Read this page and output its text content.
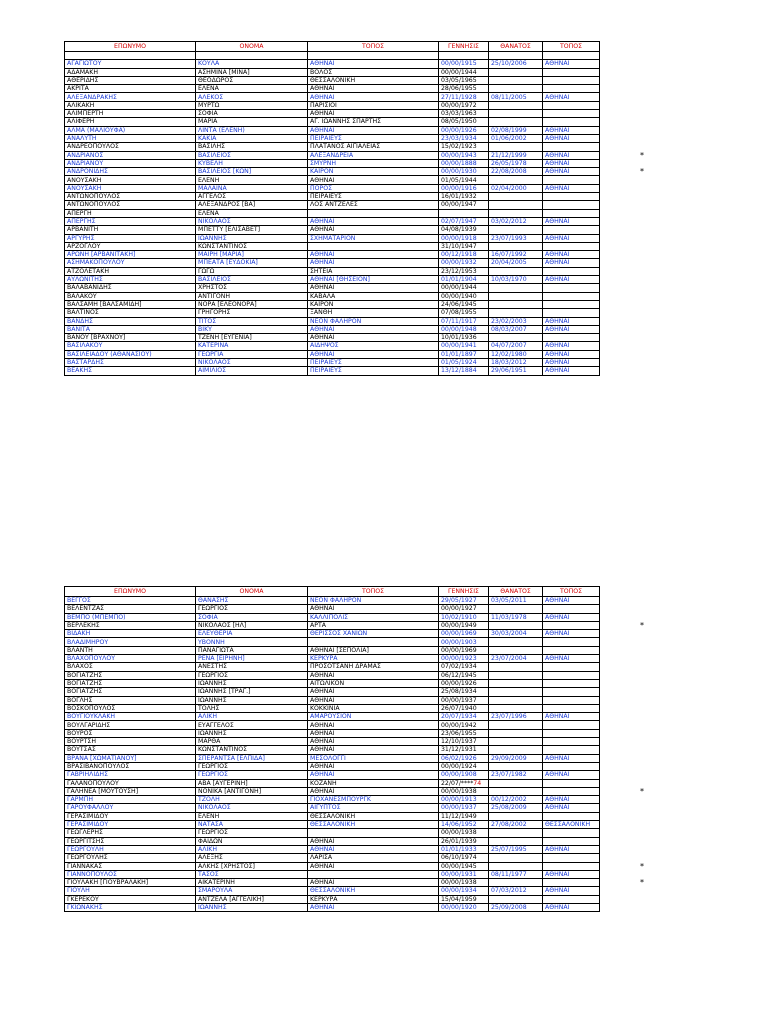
ΕΠΩΝΥΜΟ	ΟΝΟΜΑ	ΤΟΠΟΣ	ΓΕΝΝΗΣΙΣ	ΘΑΝΑΤΟΣ	ΤΟΠΟΣ

ΑΓΑΓΙΩΤΟΥ	ΚΟΥΛΑ	ΑΘΗΝΑΙ	00/00/1915	25/10/2006	ΑΘΗΝΑΙ
ΑΔΑΜΑΚΗ	ΑΣΗΜΙΝΑ [ΜΙΝΑ]	ΒΟΛΟΣ	00/00/1944		
ΑΘΕΡΙΔΗΣ	ΘΕΟΔΩΡΟΣ	ΘΕΣΣΑΛΟΝΙΚΗ	03/05/1965		
ΑΚΡΙΤΑ	ΕΛΕΝΑ	ΑΘΗΝΑΙ	28/06/1955		
ΑΛΕΞΑΝΔΡΑΚΗΣ	ΑΛΕΚΟΣ	ΑΘΗΝΑΙ	27/11/1928	08/11/2005	ΑΘΗΝΑΙ
ΑΛΙΚΑΚΗ	ΜΥΡΤΩ	ΠΑΡΙΣΙΟΙ	00/00/1972		
ΑΛΙΜΠΕΡΤΗ	ΣΟΦΙΑ	ΑΘΗΝΑΙ	03/03/1963		
ΑΛΙΦΕΡΗ	ΜΑΡΙΑ	ΑΓ. ΙΩΑΝΝΗΣ ΣΠΑΡΤΗΣ	08/05/1950		
ΑΛΜΑ (ΜΑΛΙΟΥΦΑ)	ΛΙΝΤΑ (ΕΛΕΝΗ)	ΑΘΗΝΑΙ	00/00/1926	02/08/1999	ΑΘΗΝΑΙ
ΑΝΑΛΥΤΗ	ΚΑΚΙΑ	ΠΕΙΡΑΙΕΥΣ	23/03/1934	01/06/2002	ΑΘΗΝΑΙ
ΑΝΔΡΕΟΠΟΥΛΟΣ	ΒΑΣΙΛΗΣ	ΠΛΑΤΑΝΟΣ ΑΙΓΙΑΛΕΙΑΣ	15/02/1923		
ΑΝΔΡΙΑΝΟΣ	ΒΑΣΙΛΕΙΟΣ	ΑΛΕΞΑΝΔΡΕΙΑ	00/00/1943	21/12/1999	ΑΘΗΝΑΙ
ΑΝΔΡΙΑΝΟΥ	ΚΥΒΕΛΗ	ΣΜΥΡΝΗ	00/00/1888	26/05/1978	ΑΘΗΝΑΙ
ΑΝΔΡΟΝΙΔΗΣ	ΒΑΣΙΛΕΙΟΣ [ΚΩΝ]	ΚΑΪΡΟΝ	00/00/1930	22/08/2008	ΑΘΗΝΑΙ
ΑΝΟΥΣΑΚΗ	ΕΛΕΝΗ	ΑΘΗΝΑΙ	01/05/1944		
ΑΝΟΥΣΑΚΗ	ΜΑΛΑΙΝΑ	ΠΟΡΟΣ	00/00/1916	02/04/2000	ΑΘΗΝΑΙ
ΑΝΤΩΝΟΠΟΥΛΟΣ	ΑΓΓΕΛΟΣ	ΠΕΙΡΑΙΕΥΣ	16/01/1932		
ΑΝΤΩΝΟΠΟΥΛΟΣ	ΑΛΕΞΑΝΔΡΟΣ [ΒΑ]	ΛΟΣ ΑΝΤΖΕΛΕΣ	00/00/1947		
ΑΠΕΡΓΗ	ΕΛΕΝΑ				
ΑΠΕΡΓΗΣ	ΝΙΚΟΛΑΟΣ	ΑΘΗΝΑΙ	02/07/1947	03/02/2012	ΑΘΗΝΑΙ
ΑΡΒΑΝΙΤΗ	ΜΠΕΤΤΥ [ΕΛΙΣΑΒΕΤ]	ΑΘΗΝΑΙ	04/08/1939		
ΑΡΓΥΡΗΣ	ΙΩΑΝΝΗΣ	ΣΧΗΜΑΤΑΡΙΟΝ	00/00/1918	23/07/1993	ΑΘΗΝΑΙ
ΑΡΖΟΓΛΟΥ	ΚΩΝΣΤΑΝΤΙΝΟΣ		31/10/1947		
ΑΡΩΝΗ [ΑΡΒΑΝΙΤΑΚΗ]	ΜΑΙΡΗ [ΜΑΡΙΑ]	ΑΘΗΝΑΙ	00/12/1918	16/07/1992	ΑΘΗΝΑΙ
ΑΣΗΜΑΚΟΠΟΥΛΟΥ	ΜΠΕΑΤΑ [ΕΥΔΟΚΙΑ]	ΑΘΗΝΑΙ	00/00/1932	20/04/2005	ΑΘΗΝΑΙ
ΑΤΖΟΛΕΤΑΚΗ	ΓΩΓΩ	ΣΗΤΕΙΑ	23/12/1953		
ΑΥΛΩΝΙΤΗΣ	ΒΑΣΙΛΕΙΟΣ	ΑΘΗΝΑΙ [ΘΗΣΕΙΟΝ]	01/01/1904	10/03/1970	ΑΘΗΝΑΙ
ΒΑΛΑΒΑΝΙΔΗΣ	ΧΡΗΣΤΟΣ	ΑΘΗΝΑΙ	00/00/1944		
ΒΑΛΑΚΟΥ	ΑΝΤΙΓΟΝΗ	ΚΑΒΑΛΑ	00/00/1940		
ΒΑΛΣΑΜΗ [ΒΑΛΣΑΜΙΔΗ]	ΝΟΡΑ [ΕΛΕΟΝΟΡΑ]	ΚΑΪΡΟΝ	24/06/1945		
ΒΑΛΤΙΝΟΣ	ΓΡΗΓΟΡΗΣ	ΞΑΝΘΗ	07/08/1955		
ΒΑΝΔΗΣ	ΤΙΤΟΣ	ΝΕΟΝ ΦΑΛΗΡΟΝ	07/11/1917	23/02/2003	ΑΘΗΝΑΙ
ΒΑΝΙΤΑ	ΒΙΚΥ	ΑΘΗΝΑΙ	00/00/1948	08/03/2007	ΑΘΗΝΑΙ
ΒΑΝΟΥ [ΒΡΑΧΝΟΥ]	ΤΖΕΝΗ [ΕΥΓΕΝΙΑ]	ΑΘΗΝΑΙ	10/01/1936		
ΒΑΣΙΛΑΚΟΥ	ΚΑΤΕΡΙΝΑ	ΑΙΔΗΨΟΣ	00/00/1941	04/07/2007	ΑΘΗΝΑΙ
ΒΑΣΙΛΕΙΑΔΟΥ (ΑΘΑΝΑΣΙΟΥ)	ΓΕΩΡΓΙΑ	ΑΘΗΝΑΙ	01/01/1897	12/02/1980	ΑΘΗΝΑΙ
ΒΑΣΤΑΡΔΗΣ	ΝΙΚΟΛΑΟΣ	ΠΕΙΡΑΙΕΥΣ	01/05/1924	18/03/2012	ΑΘΗΝΑΙ
ΒΕΑΚΗΣ	ΑΙΜΙΛΙΟΣ	ΠΕΙΡΑΙΕΥΣ	13/12/1884	29/06/1951	ΑΘΗΝΑΙ
ΕΠΩΝΥΜΟ	ΟΝΟΜΑ	ΤΟΠΟΣ	ΓΕΝΝΗΣΙΣ	ΘΑΝΑΤΟΣ	ΤΟΠΟΣ
ΒΕΓΓΟΣ	ΘΑΝΑΣΗΣ	ΝΕΟΝ ΦΑΛΗΡΟΝ	29/05/1927	03/05/2011	ΑΘΗΝΑΙ
ΒΕΛΕΝΤΖΑΣ	ΓΕΩΡΓΙΟΣ	ΑΘΗΝΑΙ	00/00/1927		
ΒΕΜΠΟ (ΜΠΕΜΠΟ)	ΣΟΦΙΑ	ΚΑΛΛΙΠΟΛΙΣ	10/02/1910	11/03/1978	ΑΘΗΝΑΙ
ΒΕΡΛΕΚΗΣ	ΝΙΚΟΛΑΟΣ [ΗΛ]	ΑΡΤΑ	00/00/1949		
ΒΙΔΑΚΗ	ΕΛΕΥΘΕΡΙΑ	ΘΕΡΙΣΣΟΣ ΧΑΝΙΩΝ	00/00/1969	30/03/2004	ΑΘΗΝΑΙ
ΒΛΑΔΙΜΗΡΟΥ	ΥΒΟΝΝΗ		00/00/1903		
ΒΛΑΝΤΗ	ΠΑΝΑΓΙΩΤΑ	ΑΘΗΝΑΙ [ΣΕΠΟΛΙΑ]	00/00/1969		
ΒΛΑΧΟΠΟΥΛΟΥ	ΡΕΝΑ [ΕΙΡΗΝΗ]	ΚΕΡΚΥΡΑ	00/00/1923	23/07/2004	ΑΘΗΝΑΙ
ΒΛΑΧΟΣ	ΑΝΕΣΤΗΣ	ΠΡΟΣΟΤΣΑΝΗ ΔΡΑΜΑΣ	07/02/1934		
ΒΟΓΙΑΤΖΗΣ	ΓΕΩΡΓΙΟΣ	ΑΘΗΝΑΙ	06/12/1945		
ΒΟΓΙΑΤΖΗΣ	ΙΩΑΝΝΗΣ	ΑΙΤΩΛΙΚΟΝ	00/00/1926		
ΒΟΓΙΑΤΖΗΣ	ΙΩΑΝΝΗΣ [ΤΡΑΓ.]	ΑΘΗΝΑΙ	25/08/1934		
ΒΟΓΛΗΣ	ΙΩΑΝΝΗΣ	ΑΘΗΝΑΙ	00/00/1937		
ΒΟΣΚΟΠΟΥΛΟΣ	ΤΟΛΗΣ	ΚΟΚΚΙΝΙΑ	26/07/1940		
ΒΟΥΓΙΟΥΚΛΑΚΗ	ΑΛΙΚΗ	ΑΜΑΡΟΥΣΙΟΝ	20/07/1934	23/07/1996	ΑΘΗΝΑΙ
ΒΟΥΛΓΑΡΙΔΗΣ	ΕΥΑΓΓΕΛΟΣ	ΑΘΗΝΑΙ	00/00/1942		
ΒΟΥΡΟΣ	ΙΩΑΝΝΗΣ	ΑΘΗΝΑΙ	23/06/1955		
ΒΟΥΡΤΣΗ	ΜΑΡΘΑ	ΑΘΗΝΑΙ	12/10/1937		
ΒΟΥΤΣΑΣ	ΚΩΝΣΤΑΝΤΙΝΟΣ	ΑΘΗΝΑΙ	31/12/1931		
ΒΡΑΝΑ [ΧΩΜΑΤΙΑΝΟΥ]	ΣΠΕΡΑΝΤΣΑ [ΕΛΠΙΔΑ]	ΜΕΣΟΛΟΓΓΙ	06/02/1926	29/09/2009	ΑΘΗΝΑΙ
ΒΡΑΣΙΒΑΝΟΠΟΥΛΟΣ	ΓΕΩΡΓΙΟΣ	ΑΘΗΝΑΙ	00/00/1924		
ΓΑΒΡΙΗΛΙΔΗΣ	ΓΕΩΡΓΙΟΣ	ΑΘΗΝΑΙ	00/00/1908	23/07/1982	ΑΘΗΝΑΙ
ΓΑΛΑΝΟΠΟΥΛΟΥ	ΑΒΑ [ΑΥΓΕΡΙΝΗ]	ΚΟΖΑΝΗ	22/07/****74		
ΓΑΛΗΝΕΑ [ΜΟΥΤΟΥΣΗ]	ΝΟΝΙΚΑ [ΑΝΤΙΓΟΝΗ]	ΑΘΗΝΑΙ	00/00/1938		
ΓΑΡΜΠΗ	ΤΖΟΛΗ	ΓΙΟΧΑΝΕΣΜΠΟΥΡΓΚ	00/00/1913	00/12/2002	ΑΘΗΝΑΙ
ΓΑΡΟΥΦΑΛΛΟΥ	ΝΙΚΟΛΑΟΣ	ΑΙΓΥΠΤΟΣ	00/00/1937	25/08/2009	ΑΘΗΝΑΙ
ΓΕΡΑΣΙΜΙΔΟΥ	ΕΛΕΝΗ	ΘΕΣΣΑΛΟΝΙΚΗ	11/12/1949		
ΓΕΡΑΣΙΜΙΔΟΥ	ΝΑΤΑΣΑ	ΘΕΣΣΑΛΟΝΙΚΗ	14/06/1952	27/08/2002	ΘΕΣΣΑΛΟΝΙΚΗ
ΓΕΩΓΛΕΡΗΣ	ΓΕΩΡΓΙΟΣ		00/00/1938		
ΓΕΩΡΓΙΤΣΗΣ	ΦΑΙΔΩΝ	ΑΘΗΝΑΙ	26/01/1939		
ΓΕΩΡΓΟΥΛΗ	ΑΛΙΚΗ	ΑΘΗΝΑΙ	01/01/1933	25/07/1995	ΑΘΗΝΑΙ
ΓΕΩΡΓΟΥΛΗΣ	ΑΛΕΞΗΣ	ΛΑΡΙΣΑ	06/10/1974		
ΓΙΑΝΝΑΚΑΣ	ΑΛΚΗΣ [ΧΡΗΣΤΟΣ]	ΑΘΗΝΑΙ	00/00/1945		
ΓΙΑΝΝΟΠΟΥΛΟΣ	ΤΑΣΟΣ		00/00/1931	08/11/1977	ΑΘΗΝΑΙ
ΓΙΟΥΛΑΚΗ [ΓΙΟΥΒΡΑΛΑΚΗ]	ΑΙΚΑΤΕΡΙΝΗ	ΑΘΗΝΑΙ	00/00/1938		
ΓΙΟΥΛΗ	ΣΜΑΡΟΥΛΑ	ΘΕΣΣΑΛΟΝΙΚΗ	00/00/1934	07/03/2012	ΑΘΗΝΑΙ
ΓΚΕΡΕΚΟΥ	ΑΝΤΖΕΛΑ [ΑΓΓΕΛΙΚΗ]	ΚΕΡΚΥΡΑ	15/04/1959		
ΓΚΙΩΝΑΚΗΣ	ΙΩΑΝΝΗΣ	ΑΘΗΝΑΙ	00/00/1920	25/09/2008	ΑΘΗΝΑΙ
*
*
*
*
*
*
